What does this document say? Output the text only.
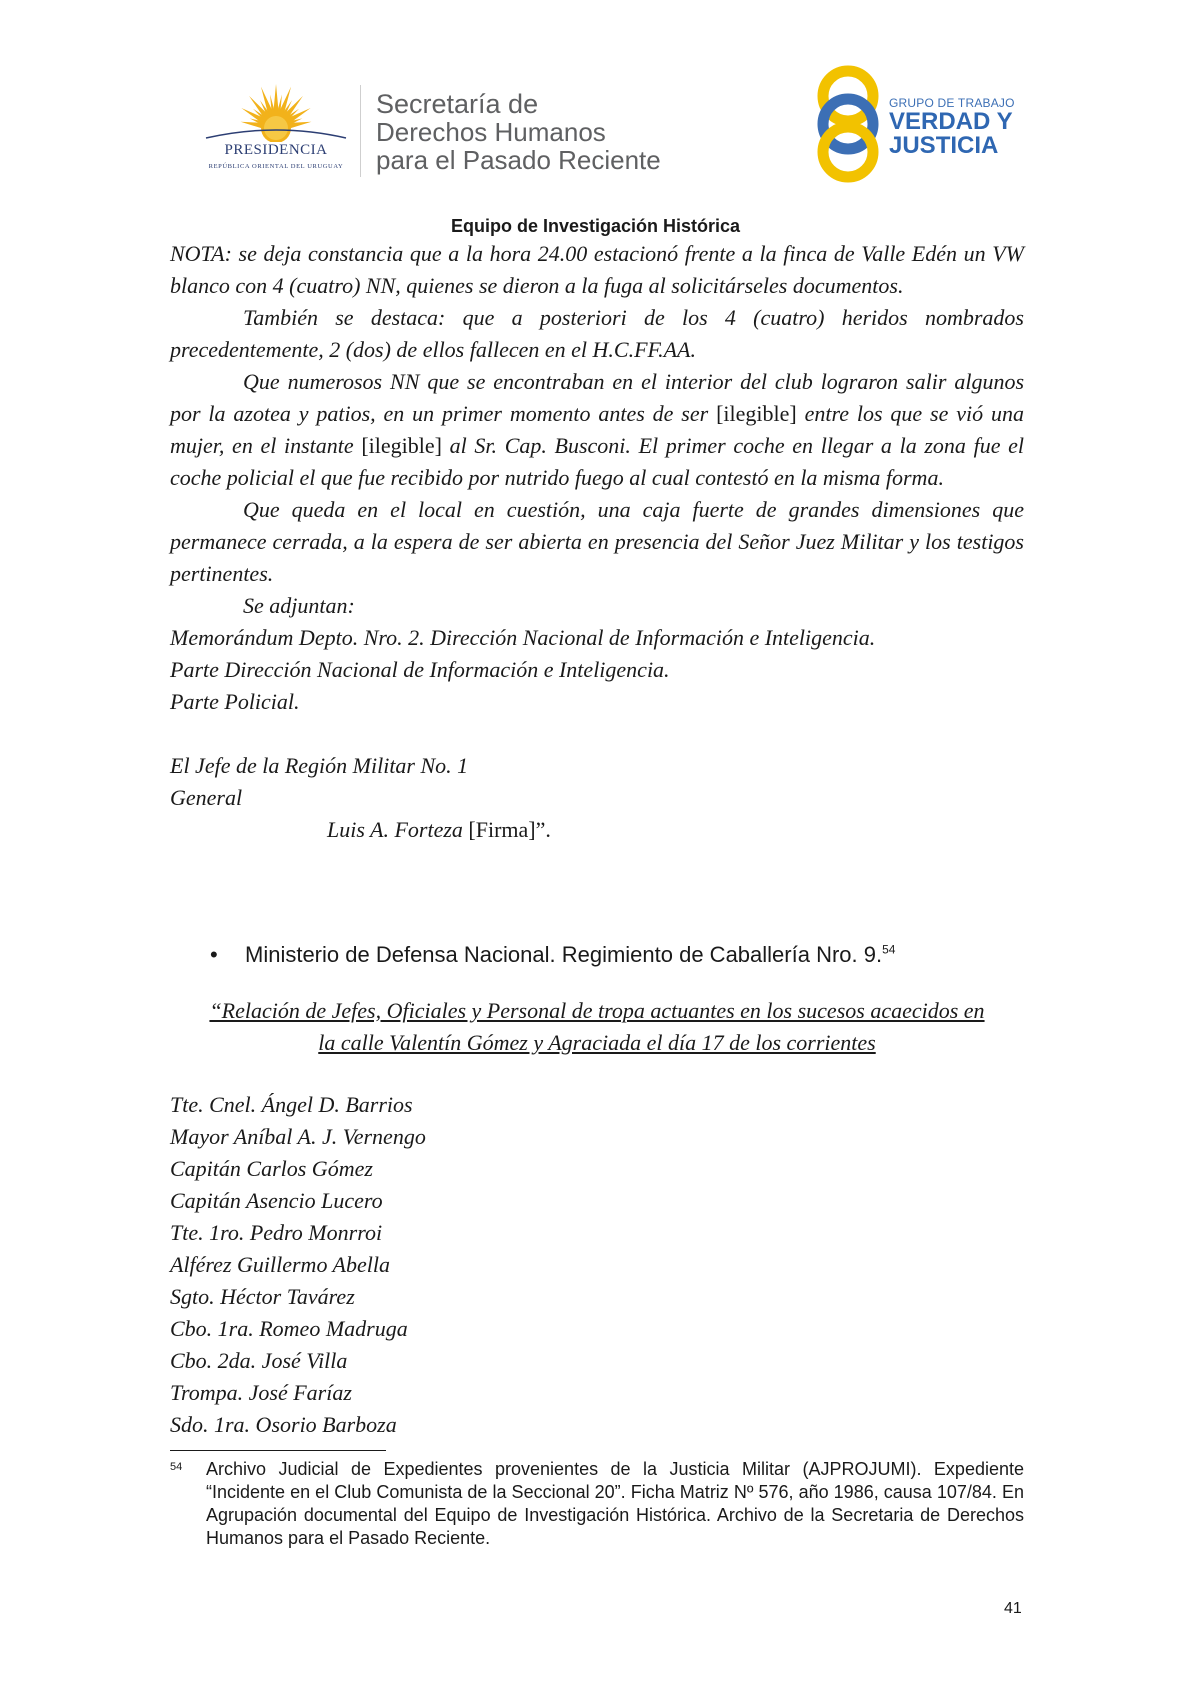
PRESIDENCIA
REPÚBLICA ORIENTAL DEL URUGUAY
Secretaría de
Derechos Humanos
para el Pasado Reciente
GRUPO DE TRABAJO
VERDAD Y
JUSTICIA
Equipo de Investigación Histórica

NOTA: se deja constancia que a la hora 24.00 estacionó frente a la finca de Valle Edén un VW blanco con 4 (cuatro) NN, quienes se dieron a la fuga al solicitárseles documentos.

También se destaca: que a posteriori de los 4 (cuatro) heridos nombrados precedentemente, 2 (dos) de ellos fallecen en el H.C.FF.AA.

Que numerosos NN que se encontraban en el interior del club lograron salir algunos por la azotea y patios, en un primer momento antes de ser [ilegible] entre los que se vió una mujer, en el instante [ilegible] al Sr. Cap. Busconi. El primer coche en llegar a la zona fue el coche policial el que fue recibido por nutrido fuego al cual contestó en la misma forma.

Que queda en el local en cuestión, una caja fuerte de grandes dimensiones que permanece cerrada, a la espera de ser abierta en presencia del Señor Juez Militar y los testigos pertinentes.

Se adjuntan:

Memorándum Depto. Nro. 2. Dirección Nacional de Información e Inteligencia.

Parte Dirección Nacional de Información e Inteligencia.

Parte Policial.

El Jefe de la Región Militar No. 1

General

Luis A. Forteza [Firma]”.

• Ministerio de Defensa Nacional. Regimiento de Caballería Nro. 9.54
“Relación de Jefes, Oficiales y Personal de tropa actuantes en los sucesos acaecidos en
la calle Valentín Gómez y Agraciada el día 17 de los corrientes
Tte. Cnel. Ángel D. Barrios
Mayor Aníbal A. J. Vernengo
Capitán Carlos Gómez
Capitán Asencio Lucero
Tte. 1ro. Pedro Monrroi
Alférez Guillermo Abella
Sgto. Héctor Tavárez
Cbo. 1ra. Romeo Madruga
Cbo. 2da. José Villa
Trompa. José Faríaz
Sdo. 1ra. Osorio Barboza
54 Archivo Judicial de Expedientes provenientes de la Justicia Militar (AJPROJUMI). Expediente “Incidente en el Club Comunista de la Seccional 20”. Ficha Matriz Nº 576, año 1986, causa 107/84. En Agrupación documental del Equipo de Investigación Histórica. Archivo de la Secretaria de Derechos Humanos para el Pasado Reciente.
41
